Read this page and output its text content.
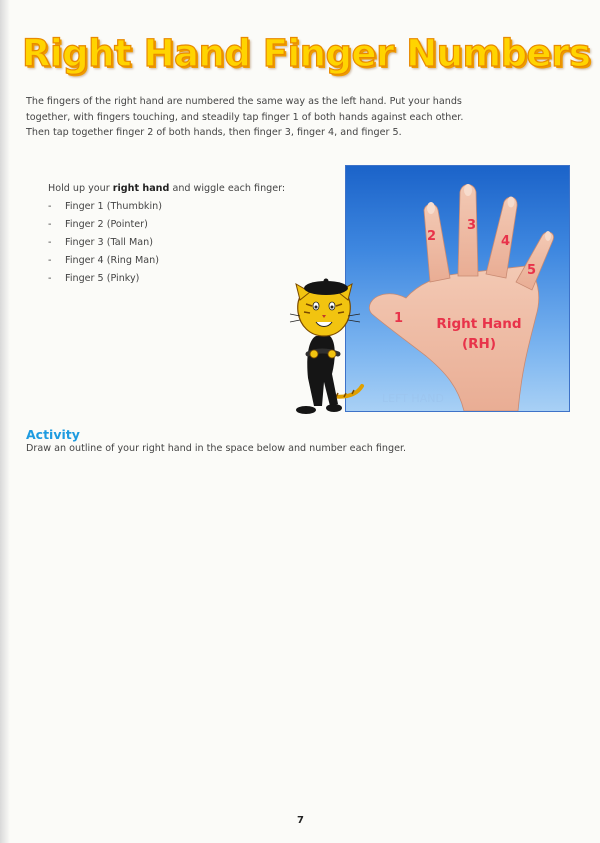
Right Hand Finger Numbers
The fingers of the right hand are numbered the same way as the left hand. Put your hands
together, with fingers touching, and steadily tap finger 1 of both hands against each other.
Then tap together finger 2 of both hands, then finger 3, finger 4, and finger 5.

Hold up your right hand and wiggle each finger:

- Finger 1 (Thumbkin)
- Finger 2 (Pointer)
- Finger 3 (Tall Man)
- Finger 4 (Ring Man)
- Finger 5 (Pinky)
LEFT HAND
1
2
3
4
5
Right Hand
(RH)
Activity

Draw an outline of your right hand in the space below and number each finger.

7
